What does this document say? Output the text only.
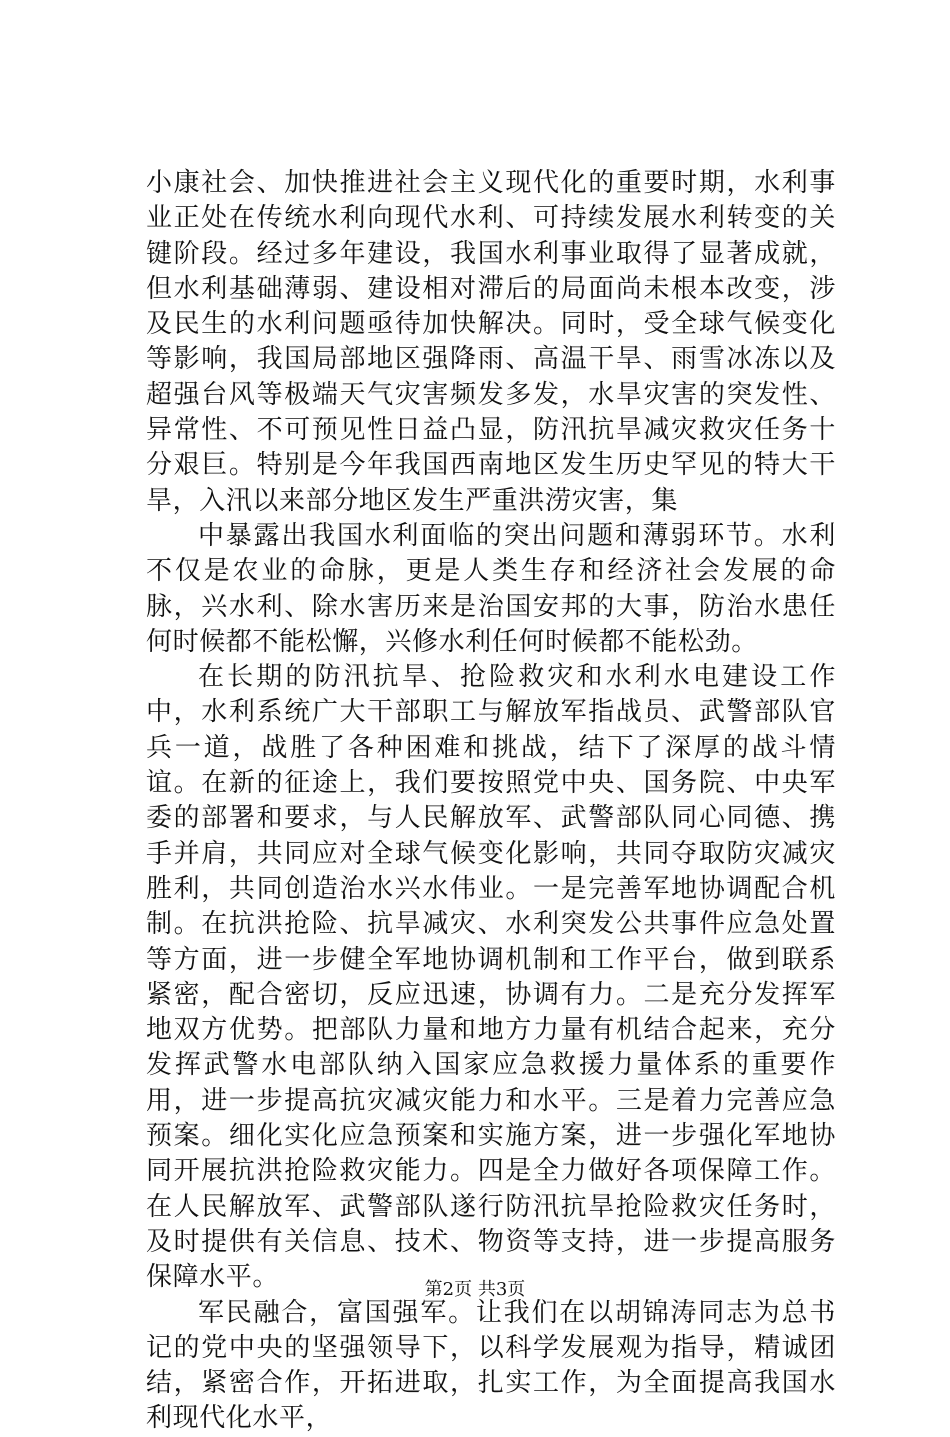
小康社会、加快推进社会主义现代化的重要时期，水利事业正处在传统水利向现代水利、可持续发展水利转变的关键阶段。经过多年建设，我国水利事业取得了显著成就，但水利基础薄弱、建设相对滞后的局面尚未根本改变，涉及民生的水利问题亟待加快解决。同时，受全球气候变化等影响，我国局部地区强降雨、高温干旱、雨雪冰冻以及超强台风等极端天气灾害频发多发，水旱灾害的突发性、异常性、不可预见性日益凸显，防汛抗旱减灾救灾任务十分艰巨。特别是今年我国西南地区发生历史罕见的特大干旱，入汛以来部分地区发生严重洪涝灾害，集

中暴露出我国水利面临的突出问题和薄弱环节。水利不仅是农业的命脉，更是人类生存和经济社会发展的命脉，兴水利、除水害历来是治国安邦的大事，防治水患任何时候都不能松懈，兴修水利任何时候都不能松劲。

在长期的防汛抗旱、抢险救灾和水利水电建设工作中，水利系统广大干部职工与解放军指战员、武警部队官兵一道，战胜了各种困难和挑战，结下了深厚的战斗情谊。在新的征途上，我们要按照党中央、国务院、中央军委的部署和要求，与人民解放军、武警部队同心同德、携手并肩，共同应对全球气候变化影响，共同夺取防灾减灾胜利，共同创造治水兴水伟业。一是完善军地协调配合机制。在抗洪抢险、抗旱减灾、水利突发公共事件应急处置等方面，进一步健全军地协调机制和工作平台，做到联系紧密，配合密切，反应迅速，协调有力。二是充分发挥军地双方优势。把部队力量和地方力量有机结合起来，充分发挥武警水电部队纳入国家应急救援力量体系的重要作用，进一步提高抗灾减灾能力和水平。三是着力完善应急预案。细化实化应急预案和实施方案，进一步强化军地协同开展抗洪抢险救灾能力。四是全力做好各项保障工作。在人民解放军、武警部队遂行防汛抗旱抢险救灾任务时，及时提供有关信息、技术、物资等支持，进一步提高服务保障水平。

军民融合，富国强军。让我们在以胡锦涛同志为总书记的党中央的坚强领导下，以科学发展观为指导，精诚团结，紧密合作，开拓进取，扎实工作，为全面提高我国水利现代化水平，

第2页 共3页
